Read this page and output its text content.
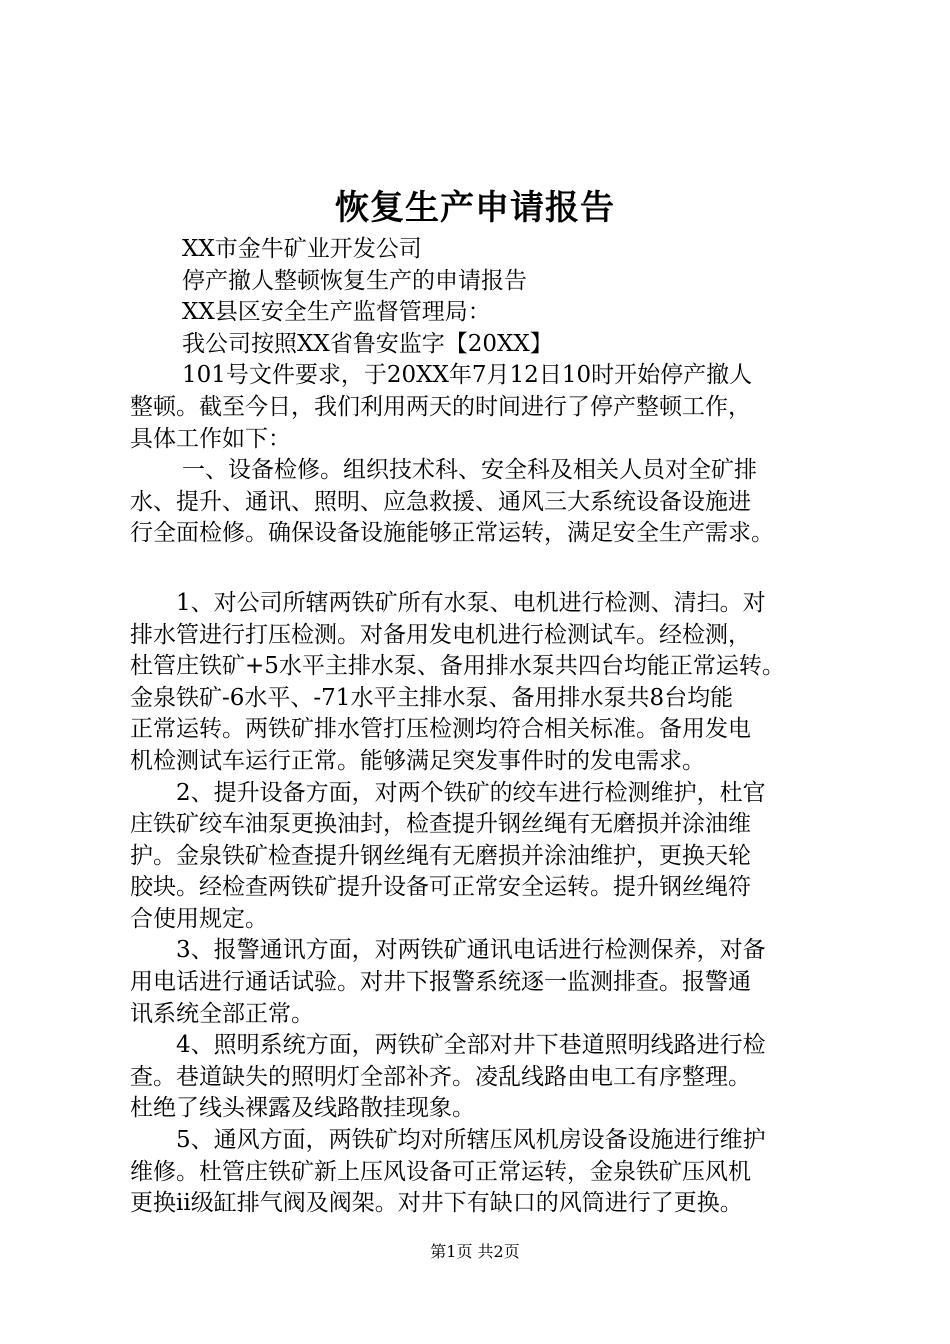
恢复生产申请报告
XX市金牛矿业开发公司
停产撤人整顿恢复生产的申请报告
XX县区安全生产监督管理局：
我公司按照XX省鲁安监字【20XX】
101号文件要求，于20XX年7月12日10时开始停产撤人
整顿。截至今日，我们利用两天的时间进行了停产整顿工作，
具体工作如下：
一、设备检修。组织技术科、安全科及相关人员对全矿排
水、提升、通讯、照明、应急救援、通风三大系统设备设施进
行全面检修。确保设备设施能够正常运转，满足安全生产需求。
1、对公司所辖两铁矿所有水泵、电机进行检测、清扫。对
排水管进行打压检测。对备用发电机进行检测试车。经检测，
杜管庄铁矿+5水平主排水泵、备用排水泵共四台均能正常运转。
金泉铁矿-6水平、-71水平主排水泵、备用排水泵共8台均能
正常运转。两铁矿排水管打压检测均符合相关标准。备用发电
机检测试车运行正常。能够满足突发事件时的发电需求。
2、提升设备方面，对两个铁矿的绞车进行检测维护，杜官
庄铁矿绞车油泵更换油封，检查提升钢丝绳有无磨损并涂油维
护。金泉铁矿检查提升钢丝绳有无磨损并涂油维护，更换天轮
胶块。经检查两铁矿提升设备可正常安全运转。提升钢丝绳符
合使用规定。
3、报警通讯方面，对两铁矿通讯电话进行检测保养，对备
用电话进行通话试验。对井下报警系统逐一监测排查。报警通
讯系统全部正常。
4、照明系统方面，两铁矿全部对井下巷道照明线路进行检
查。巷道缺失的照明灯全部补齐。凌乱线路由电工有序整理。
杜绝了线头裸露及线路散挂现象。
5、通风方面，两铁矿均对所辖压风机房设备设施进行维护
维修。杜管庄铁矿新上压风设备可正常运转，金泉铁矿压风机
更换ii级缸排气阀及阀架。对井下有缺口的风筒进行了更换。
第1页 共2页
